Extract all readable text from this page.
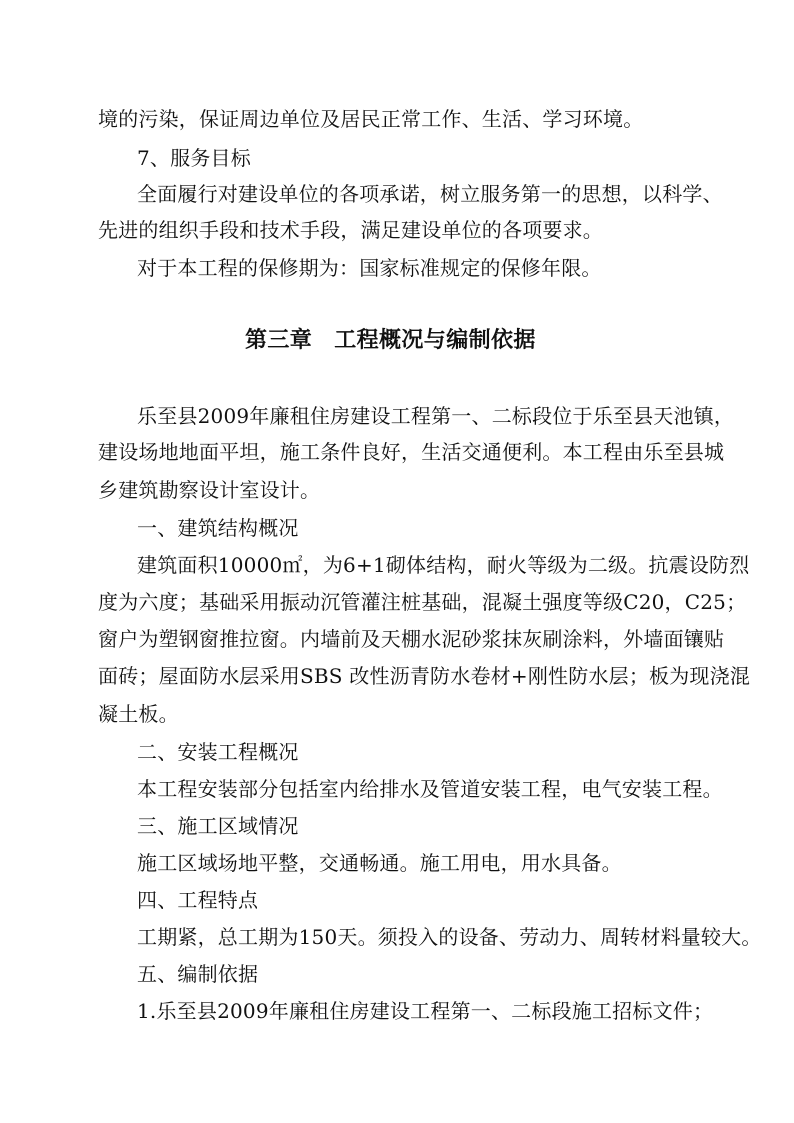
境的污染，保证周边单位及居民正常工作、生活、学习环境。
7、服务目标
全面履行对建设单位的各项承诺，树立服务第一的思想，以科学、
先进的组织手段和技术手段，满足建设单位的各项要求。
对于本工程的保修期为：国家标准规定的保修年限。
第三章 工程概况与编制依据
乐至县2009年廉租住房建设工程第一、二标段位于乐至县天池镇，
建设场地地面平坦，施工条件良好，生活交通便利。本工程由乐至县城
乡建筑勘察设计室设计。
一、建筑结构概况
建筑面积10000㎡，为6+1砌体结构，耐火等级为二级。抗震设防烈
度为六度；基础采用振动沉管灌注桩基础，混凝土强度等级C20，C25；
窗户为塑钢窗推拉窗。内墙前及天棚水泥砂浆抹灰刷涂料，外墙面镶贴
面砖；屋面防水层采用SBS 改性沥青防水卷材+刚性防水层；板为现浇混
凝土板。
二、安装工程概况
本工程安装部分包括室内给排水及管道安装工程，电气安装工程。
三、施工区域情况
施工区域场地平整，交通畅通。施工用电，用水具备。
四、工程特点
工期紧，总工期为150天。须投入的设备、劳动力、周转材料量较大。
五、编制依据
1.乐至县2009年廉租住房建设工程第一、二标段施工招标文件；
